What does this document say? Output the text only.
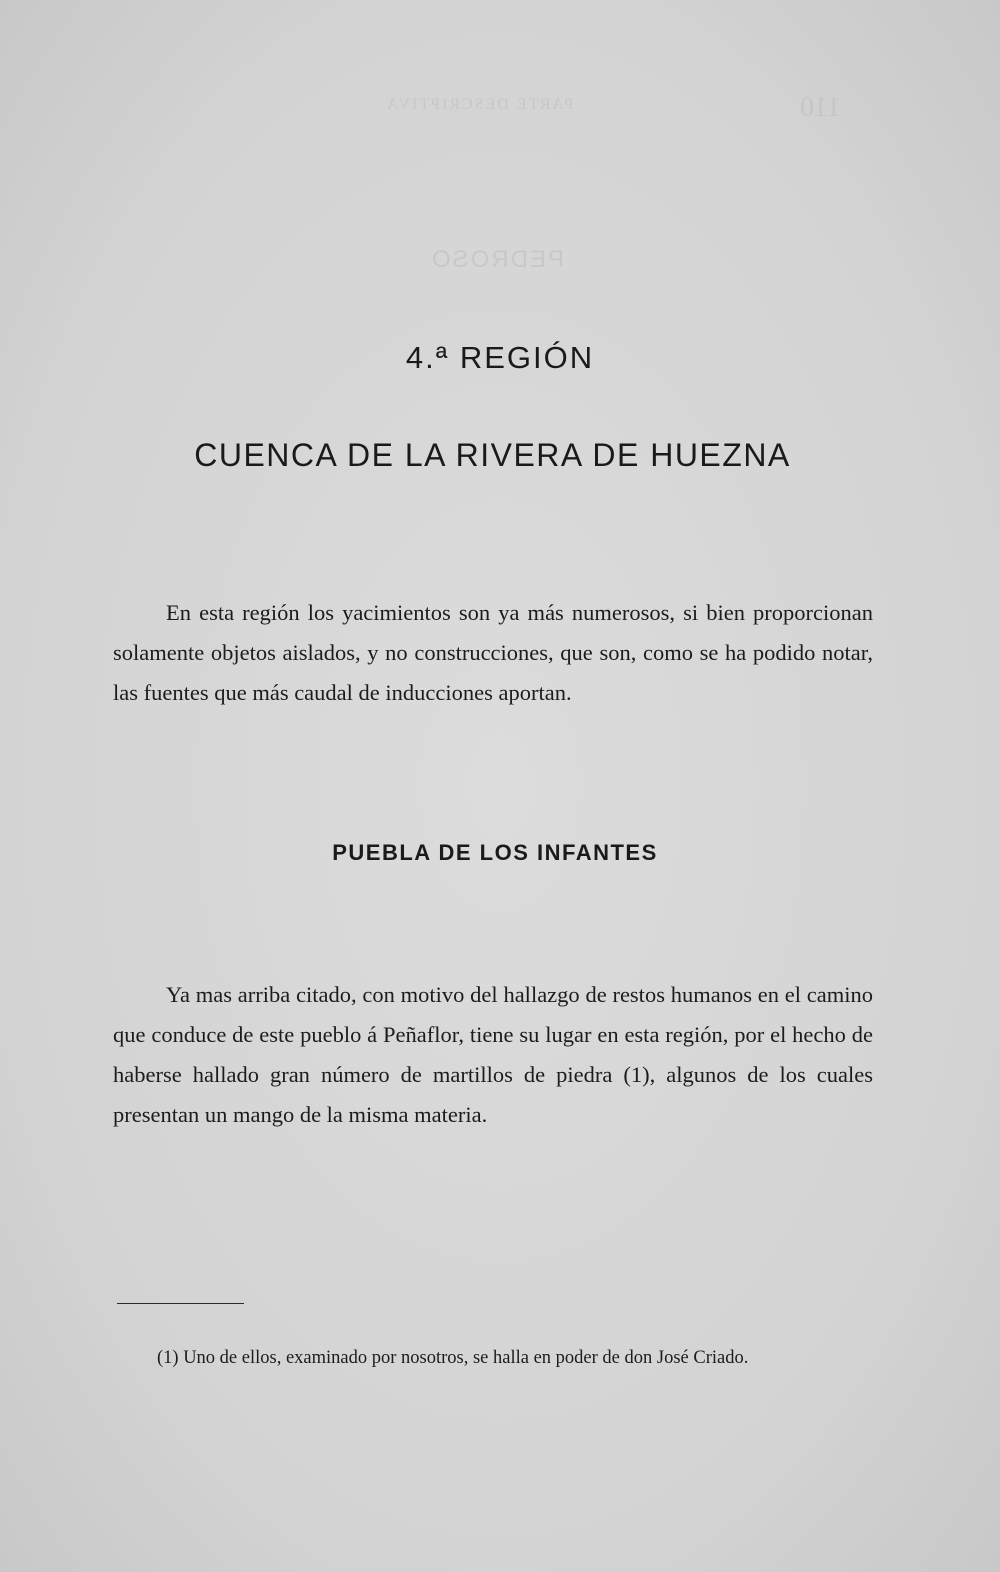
PARTE DESCRIPTIVA	110
PEDROSO
4.ª REGIÓN
CUENCA DE LA RIVERA DE HUEZNA

En esta región los yacimientos son ya más numerosos, si bien proporcionan solamente objetos aislados, y no construcciones, que son, como se ha podido notar, las fuentes que más caudal de inducciones aportan.

PUEBLA DE LOS INFANTES

Ya mas arriba citado, con motivo del hallazgo de restos humanos en el camino que conduce de este pueblo á Peñaflor, tiene su lugar en esta región, por el hecho de haberse hallado gran número de martillos de piedra (1), algunos de los cuales presentan un mango de la misma materia.

(1) Uno de ellos, examinado por nosotros, se halla en poder de don José Criado.
